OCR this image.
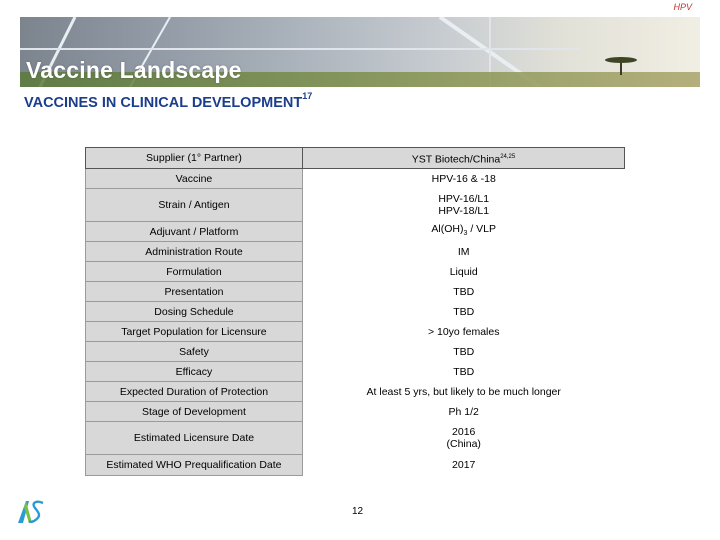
HPV
Vaccine Landscape
VACCINES IN CLINICAL DEVELOPMENT$^{17}$
Supplier (1° Partner)	YST Biotech/China$^{24,25}$
Vaccine	HPV-16 & -18
Strain / Antigen	HPV-16/L1
HPV-18/L1

Adjuvant / Platform	$Al(OH)_3$ / VLP
Administration Route	IM
Formulation	Liquid
Presentation	TBD
Dosing Schedule	TBD
Target Population for Licensure	> 10yo females
Safety	TBD
Efficacy	TBD
Expected Duration of Protection	At least 5 yrs, but likely to be much longer
Stage of Development	Ph 1/2
Estimated Licensure Date	2016
(China)

Estimated WHO Prequalification Date	2017
12
